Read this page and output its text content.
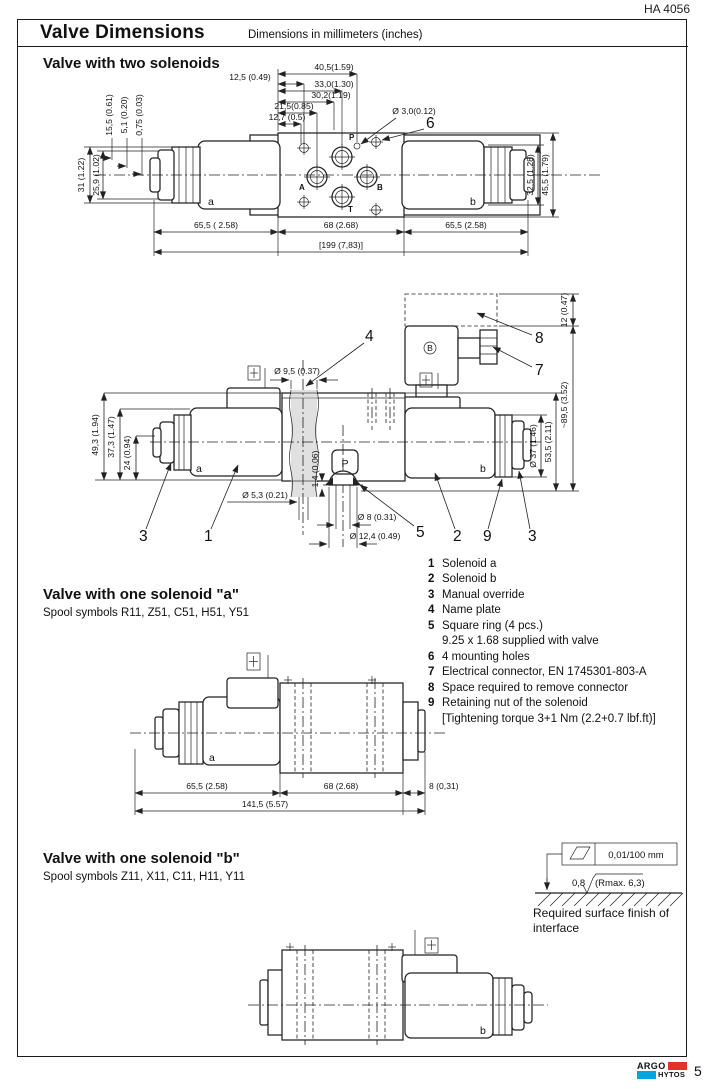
HA 4056
Valve Dimensions	Dimensions in millimeters (inches)
Valve with two solenoids
P
A	B
T
40,5(1.59)
12,5 (0.49)
33,0(1.30)
30,2(1.19)
21,5(0.85)
12,7 (0.5)
Ø 3,0(0.12)
6
15,5 (0.61) 5,1 (0.20) 0,75 (0.03)
31 (1.22) 25,9 (1.02)	32,5 (1.28) 45,5 (1.79)
65,5 ( 2.58)	68 (2.68)	65,5 (2.58)
[199 (7,83)]
a	b
12 (0.47)
B
8
7
P
a	b
Ø 9,5 (0.37)
4
49,3 (1.94) 37,3 (1.47) 24 (0.94)	Ø 37 (1.46) 53,5 (2.11)
~89,5 (3.52)
1,4 (0.06)
Ø 5,3 (0.21)
Ø 8 (0.31)
Ø 12,4 (0.49)
3	1	5 2 9 3
1 Solenoid a
2 Solenoid b
3 Manual override
4 Name plate
5 Square ring (4 pcs.)
9.25 x 1.68 supplied with valve
6 4 mounting holes
7 Electrical connector, EN 1745301-803-A
8 Space required to remove connector
9 Retaining nut of the solenoid
[Tightening torque 3+1 Nm (2.2+0.7 lbf.ft)]
Valve with one solenoid "a"
Spool symbols R11, Z51, C51, H51, Y51
a
65,5 (2.58)	68 (2.68)	8 (0,31)
141,5 (5.57)
Valve with one solenoid "b"
Spool symbols Z11, X11, C11, H11, Y11
0,01/100 mm
0,8 (Rmax. 6,3)
Required surface finish of
interface
b
ARGO
HYTOS 5
